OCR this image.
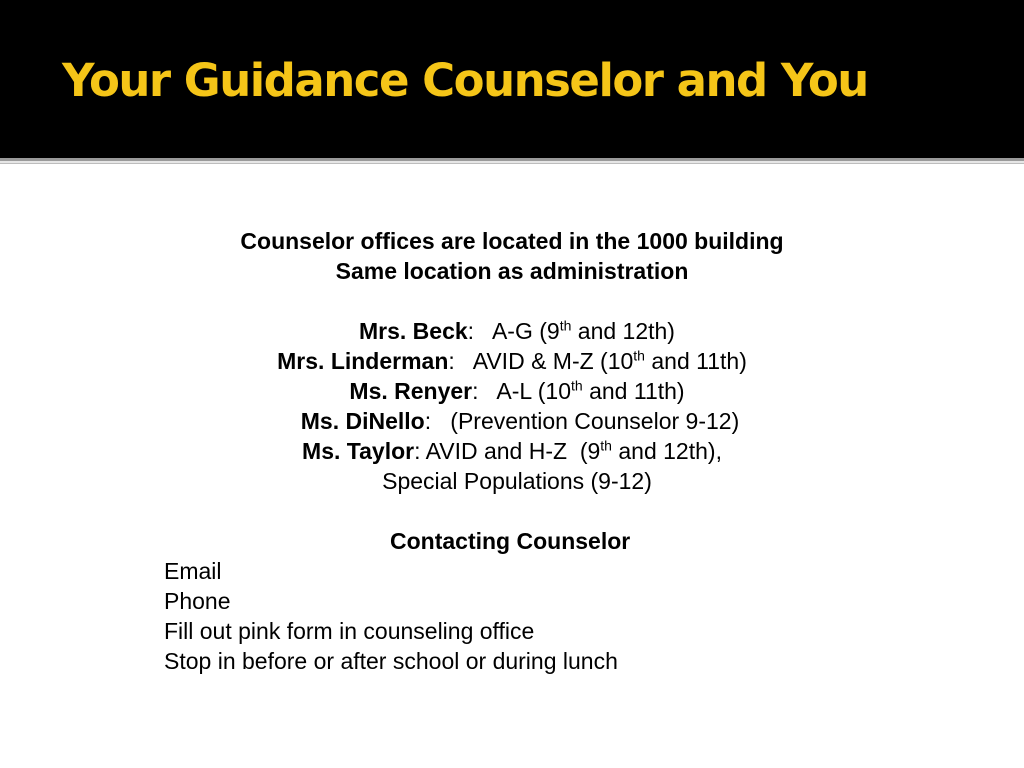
Your Guidance Counselor and You
Counselor offices are located in the 1000 building
Same location as administration
Mrs. Beck:   A-G (9th and 12th)
Mrs. Linderman:   AVID & M-Z (10th and 11th)
Ms. Renyer:   A-L (10th and 11th)
Ms. DiNello:   (Prevention Counselor 9-12)
Ms. Taylor: AVID and H-Z  (9th and 12th),
Special Populations (9-12)
Contacting Counselor
Email
Phone
Fill out pink form in counseling office
Stop in before or after school or during lunch
